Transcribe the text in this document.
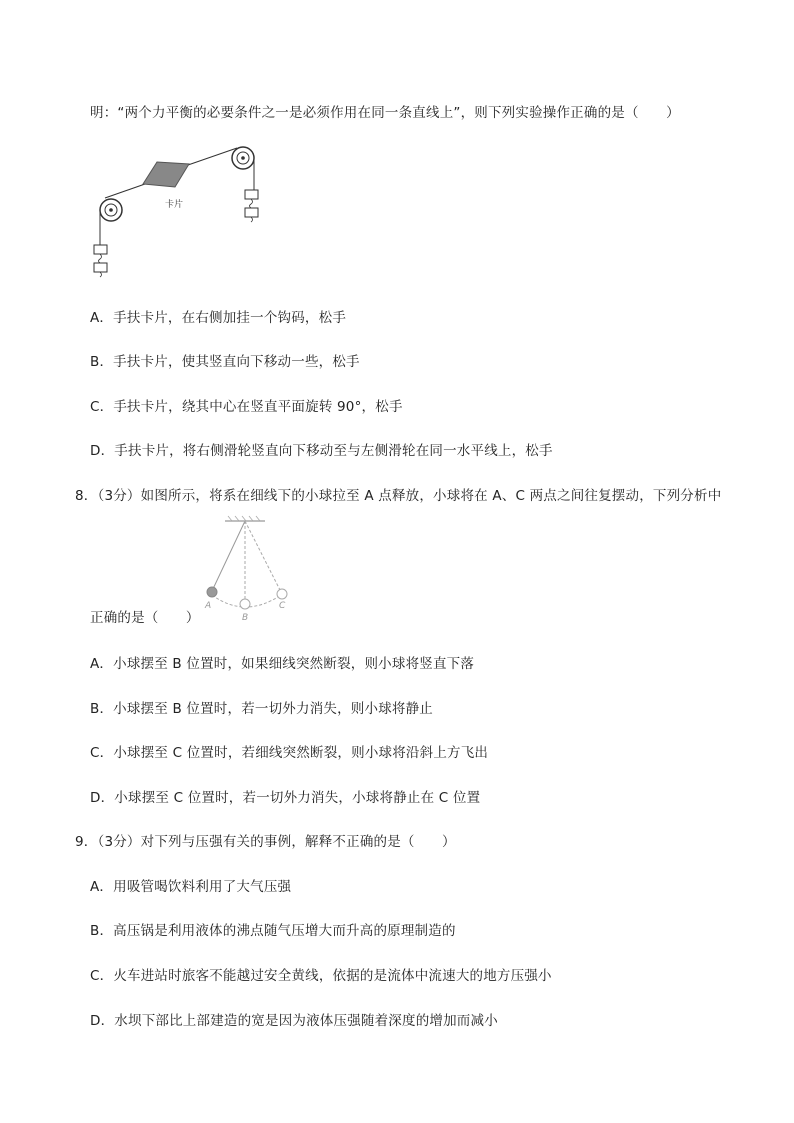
明：“两个力平衡的必要条件之一是必须作用在同一条直线上”，则下列实验操作正确的是（　　）
卡片
A．手扶卡片，在右侧加挂一个钩码，松手
B．手扶卡片，使其竖直向下移动一些，松手
C．手扶卡片，绕其中心在竖直平面旋转 90°，松手
D．手扶卡片，将右侧滑轮竖直向下移动至与左侧滑轮在同一水平线上，松手
8．（3分）如图所示，将系在细线下的小球拉至 A 点释放，小球将在 A、C 两点之间往复摆动，下列分析中
A
B
C
正确的是（　　）
A．小球摆至 B 位置时，如果细线突然断裂，则小球将竖直下落
B．小球摆至 B 位置时，若一切外力消失，则小球将静止
C．小球摆至 C 位置时，若细线突然断裂，则小球将沿斜上方飞出
D．小球摆至 C 位置时，若一切外力消失，小球将静止在 C 位置
9．（3分）对下列与压强有关的事例，解释不正确的是（　　）
A．用吸管喝饮料利用了大气压强
B．高压锅是利用液体的沸点随气压增大而升高的原理制造的
C．火车进站时旅客不能越过安全黄线，依据的是流体中流速大的地方压强小
D．水坝下部比上部建造的宽是因为液体压强随着深度的增加而减小
